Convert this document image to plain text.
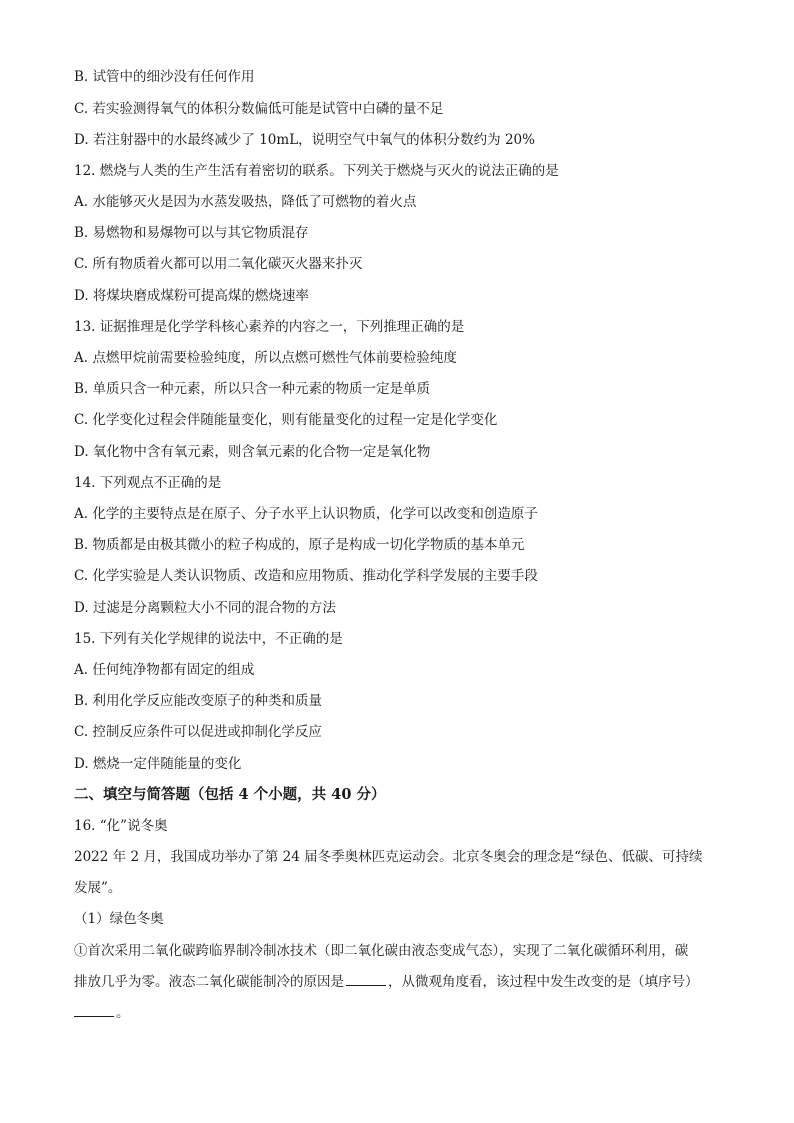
B. 试管中的细沙没有任何作用
C. 若实验测得氧气的体积分数偏低可能是试管中白磷的量不足
D. 若注射器中的水最终减少了 10mL，说明空气中氧气的体积分数约为 20%
12. 燃烧与人类的生产生活有着密切的联系。下列关于燃烧与灭火的说法正确的是
A. 水能够灭火是因为水蒸发吸热，降低了可燃物的着火点
B. 易燃物和易爆物可以与其它物质混存
C. 所有物质着火都可以用二氧化碳灭火器来扑灭
D. 将煤块磨成煤粉可提高煤的燃烧速率
13. 证据推理是化学学科核心素养的内容之一，下列推理正确的是
A. 点燃甲烷前需要检验纯度，所以点燃可燃性气体前要检验纯度
B. 单质只含一种元素，所以只含一种元素的物质一定是单质
C. 化学变化过程会伴随能量变化，则有能量变化的过程一定是化学变化
D. 氧化物中含有氧元素，则含氧元素的化合物一定是氧化物
14. 下列观点不正确的是
A. 化学的主要特点是在原子、分子水平上认识物质，化学可以改变和创造原子
B. 物质都是由极其微小的粒子构成的，原子是构成一切化学物质的基本单元
C. 化学实验是人类认识物质、改造和应用物质、推动化学科学发展的主要手段
D. 过滤是分离颗粒大小不同的混合物的方法
15. 下列有关化学规律的说法中，不正确的是
A. 任何纯净物都有固定的组成
B. 利用化学反应能改变原子的种类和质量
C. 控制反应条件可以促进或抑制化学反应
D. 燃烧一定伴随能量的变化
二、填空与简答题（包括 4 个小题，共 40 分）
16. “化”说冬奥
2022 年 2 月，我国成功举办了第 24 届冬季奥林匹克运动会。北京冬奥会的理念是“绿色、低碳、可持续
发展”。
（1）绿色冬奥
①首次采用二氧化碳跨临界制冷制冰技术（即二氧化碳由液态变成气态），实现了二氧化碳循环利用，碳
排放几乎为零。液态二氧化碳能制冷的原因是	，从微观角度看，该过程中发生改变的是（填序号）
。
